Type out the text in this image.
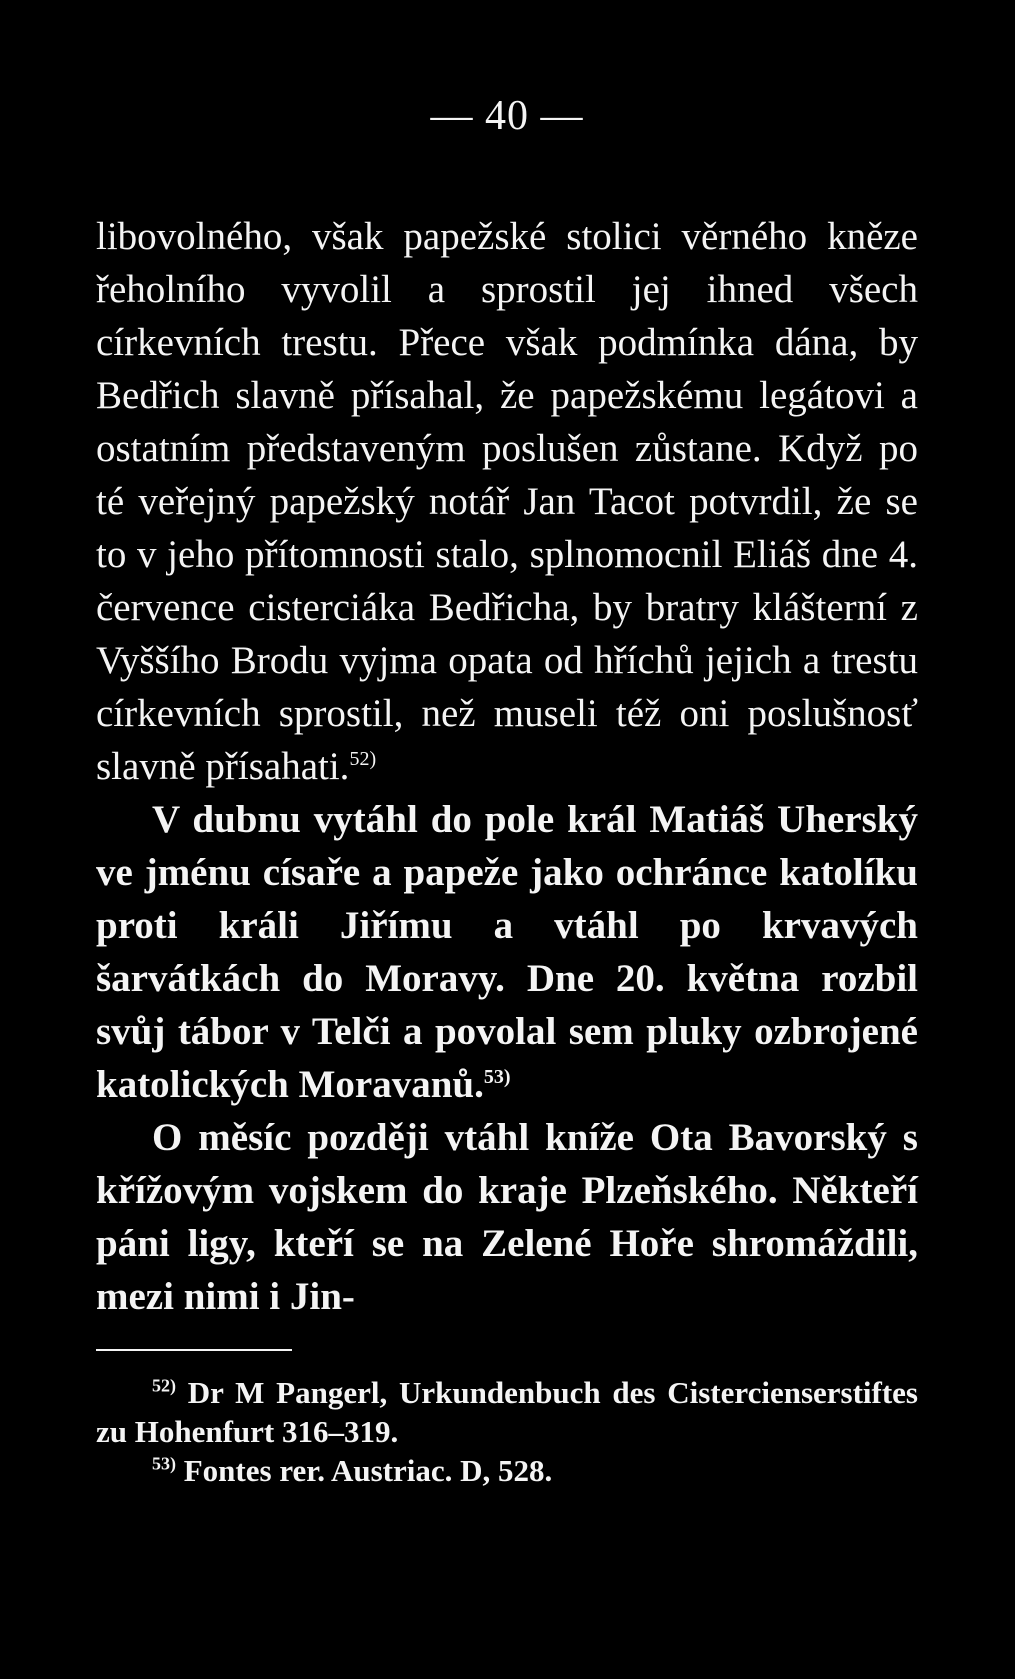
— 40 —

libovolného, však papežské stolici věrného kněze řeholního vyvolil a sprostil jej ihned všech církevních trestu. Přece však podmínka dána, by Bedřich slavně přísahal, že papežskému legátovi a ostatním představeným poslušen zůstane. Když po té veřejný papežský notář Jan Tacot potvrdil, že se to v jeho přítomnosti stalo, splnomocnil Eliáš dne 4. července cisterciáka Bedřicha, by bratry klášterní z Vyššího Brodu vyjma opata od hříchů jejich a trestu církevních sprostil, než museli též oni poslušnosť slavně přísahati.$^{52)}$

V dubnu vytáhl do pole král Matiáš Uherský ve jménu císaře a papeže jako ochránce katolíku proti králi Jiřímu a vtáhl po krvavých šarvátkách do Moravy. Dne 20. května rozbil svůj tábor v Telči a povolal sem pluky ozbrojené katolických Moravanů.$^{53)}$

O měsíc později vtáhl kníže Ota Bavorský s křížovým vojskem do kraje Plzeňského. Někteří páni ligy, kteří se na Zelené Hoře shromáždili, mezi nimi i Jin-

$^{52)}$ Dr M Pangerl, Urkundenbuch des Cistercienserstiftes zu Hohenfurt 316–319.

$^{53)}$ Fontes rer. Austriac. D, 528.
